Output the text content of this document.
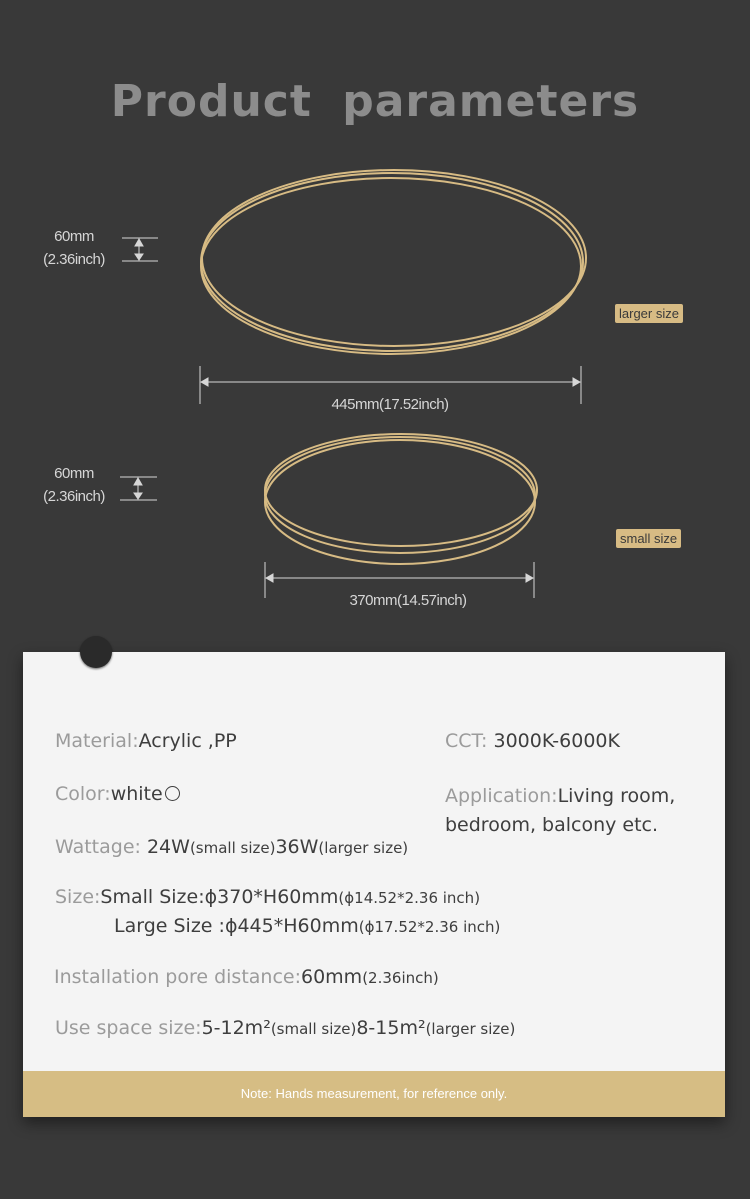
Product parameters
60mm
(2.36inch)
445mm(17.52inch)
larger size
60mm
(2.36inch)
370mm(14.57inch)
small size
Material:Acrylic ,PP	CCT: 3000K-6000K
Color:white	Application:Living room,
bedroom, balcony etc.
Wattage: 24W(small size)36W(larger size)
Size:Small Size:ϕ370*H60mm(ϕ14.52*2.36 inch)
Large Size :ϕ445*H60mm(ϕ17.52*2.36 inch)
Installation pore distance:60mm(2.36inch)
Use space size:5-12m²(small size)8-15m²(larger size)
Note: Hands measurement, for reference only.
